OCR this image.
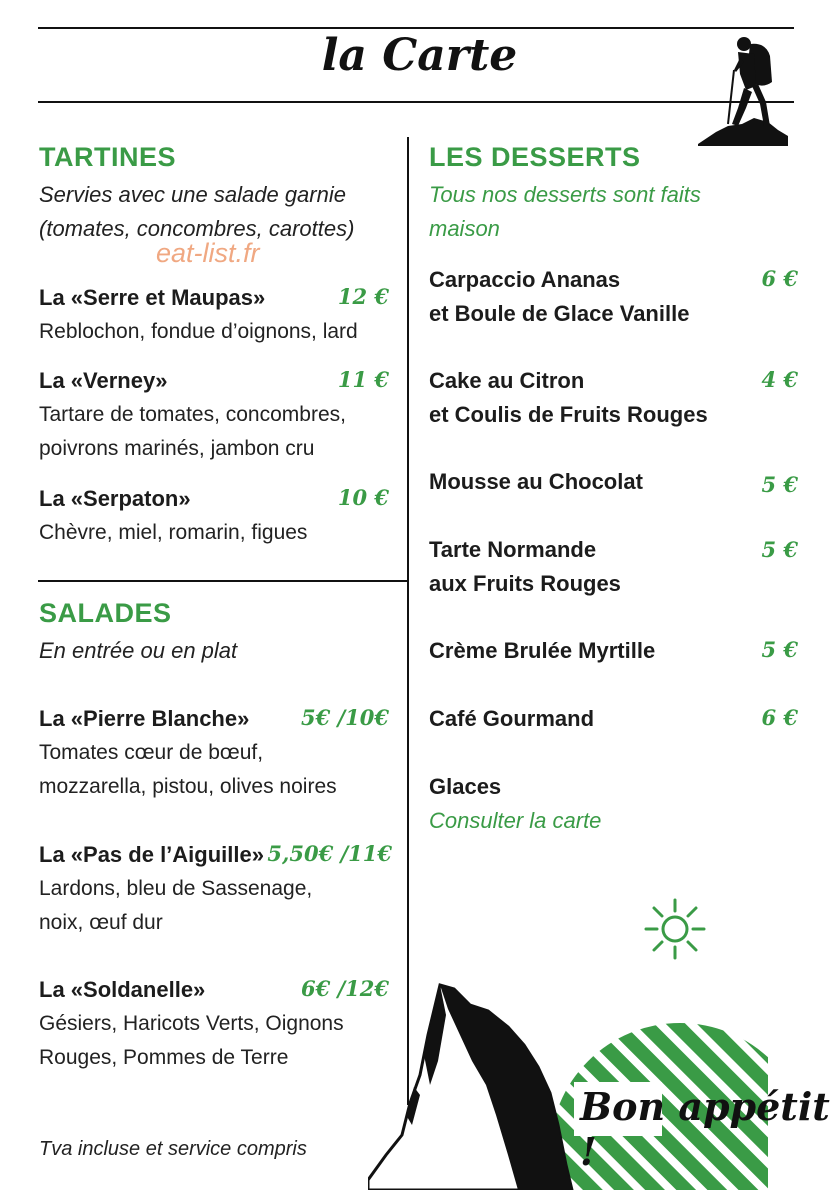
la Carte
TARTINES
Servies avec une salade garnie
(tomates, concombres, carottes)
eat-list.fr
La «Serre et Maupas»	12 €
Reblochon, fondue d’oignons, lard
La «Verney»	11 €
Tartare de tomates, concombres,
poivrons marinés, jambon cru
La «Serpaton»	10 €
Chèvre, miel, romarin, figues
SALADES
En entrée ou en plat
La «Pierre Blanche» 5€ /10€
Tomates cœur de bœuf,
mozzarella, pistou, olives noires
La «Pas de l’Aiguille» 5,50€ /11€
Lardons, bleu de Sassenage,
noix, œuf dur
La «Soldanelle»	6€ /12€
Gésiers, Haricots Verts, Oignons
Rouges, Pommes de Terre
Tva incluse et service compris
LES DESSERTS
Tous nos desserts sont faits
maison
Carpaccio Ananas
et Boule de Glace Vanille
6 €
Cake au Citron
et Coulis de Fruits Rouges
4 €
Mousse au Chocolat	5 €
Tarte Normande
aux Fruits Rouges
5 €
Crème Brulée Myrtille	5 €
Café Gourmand	6 €
Glaces
Consulter la carte
Bon appétit !
